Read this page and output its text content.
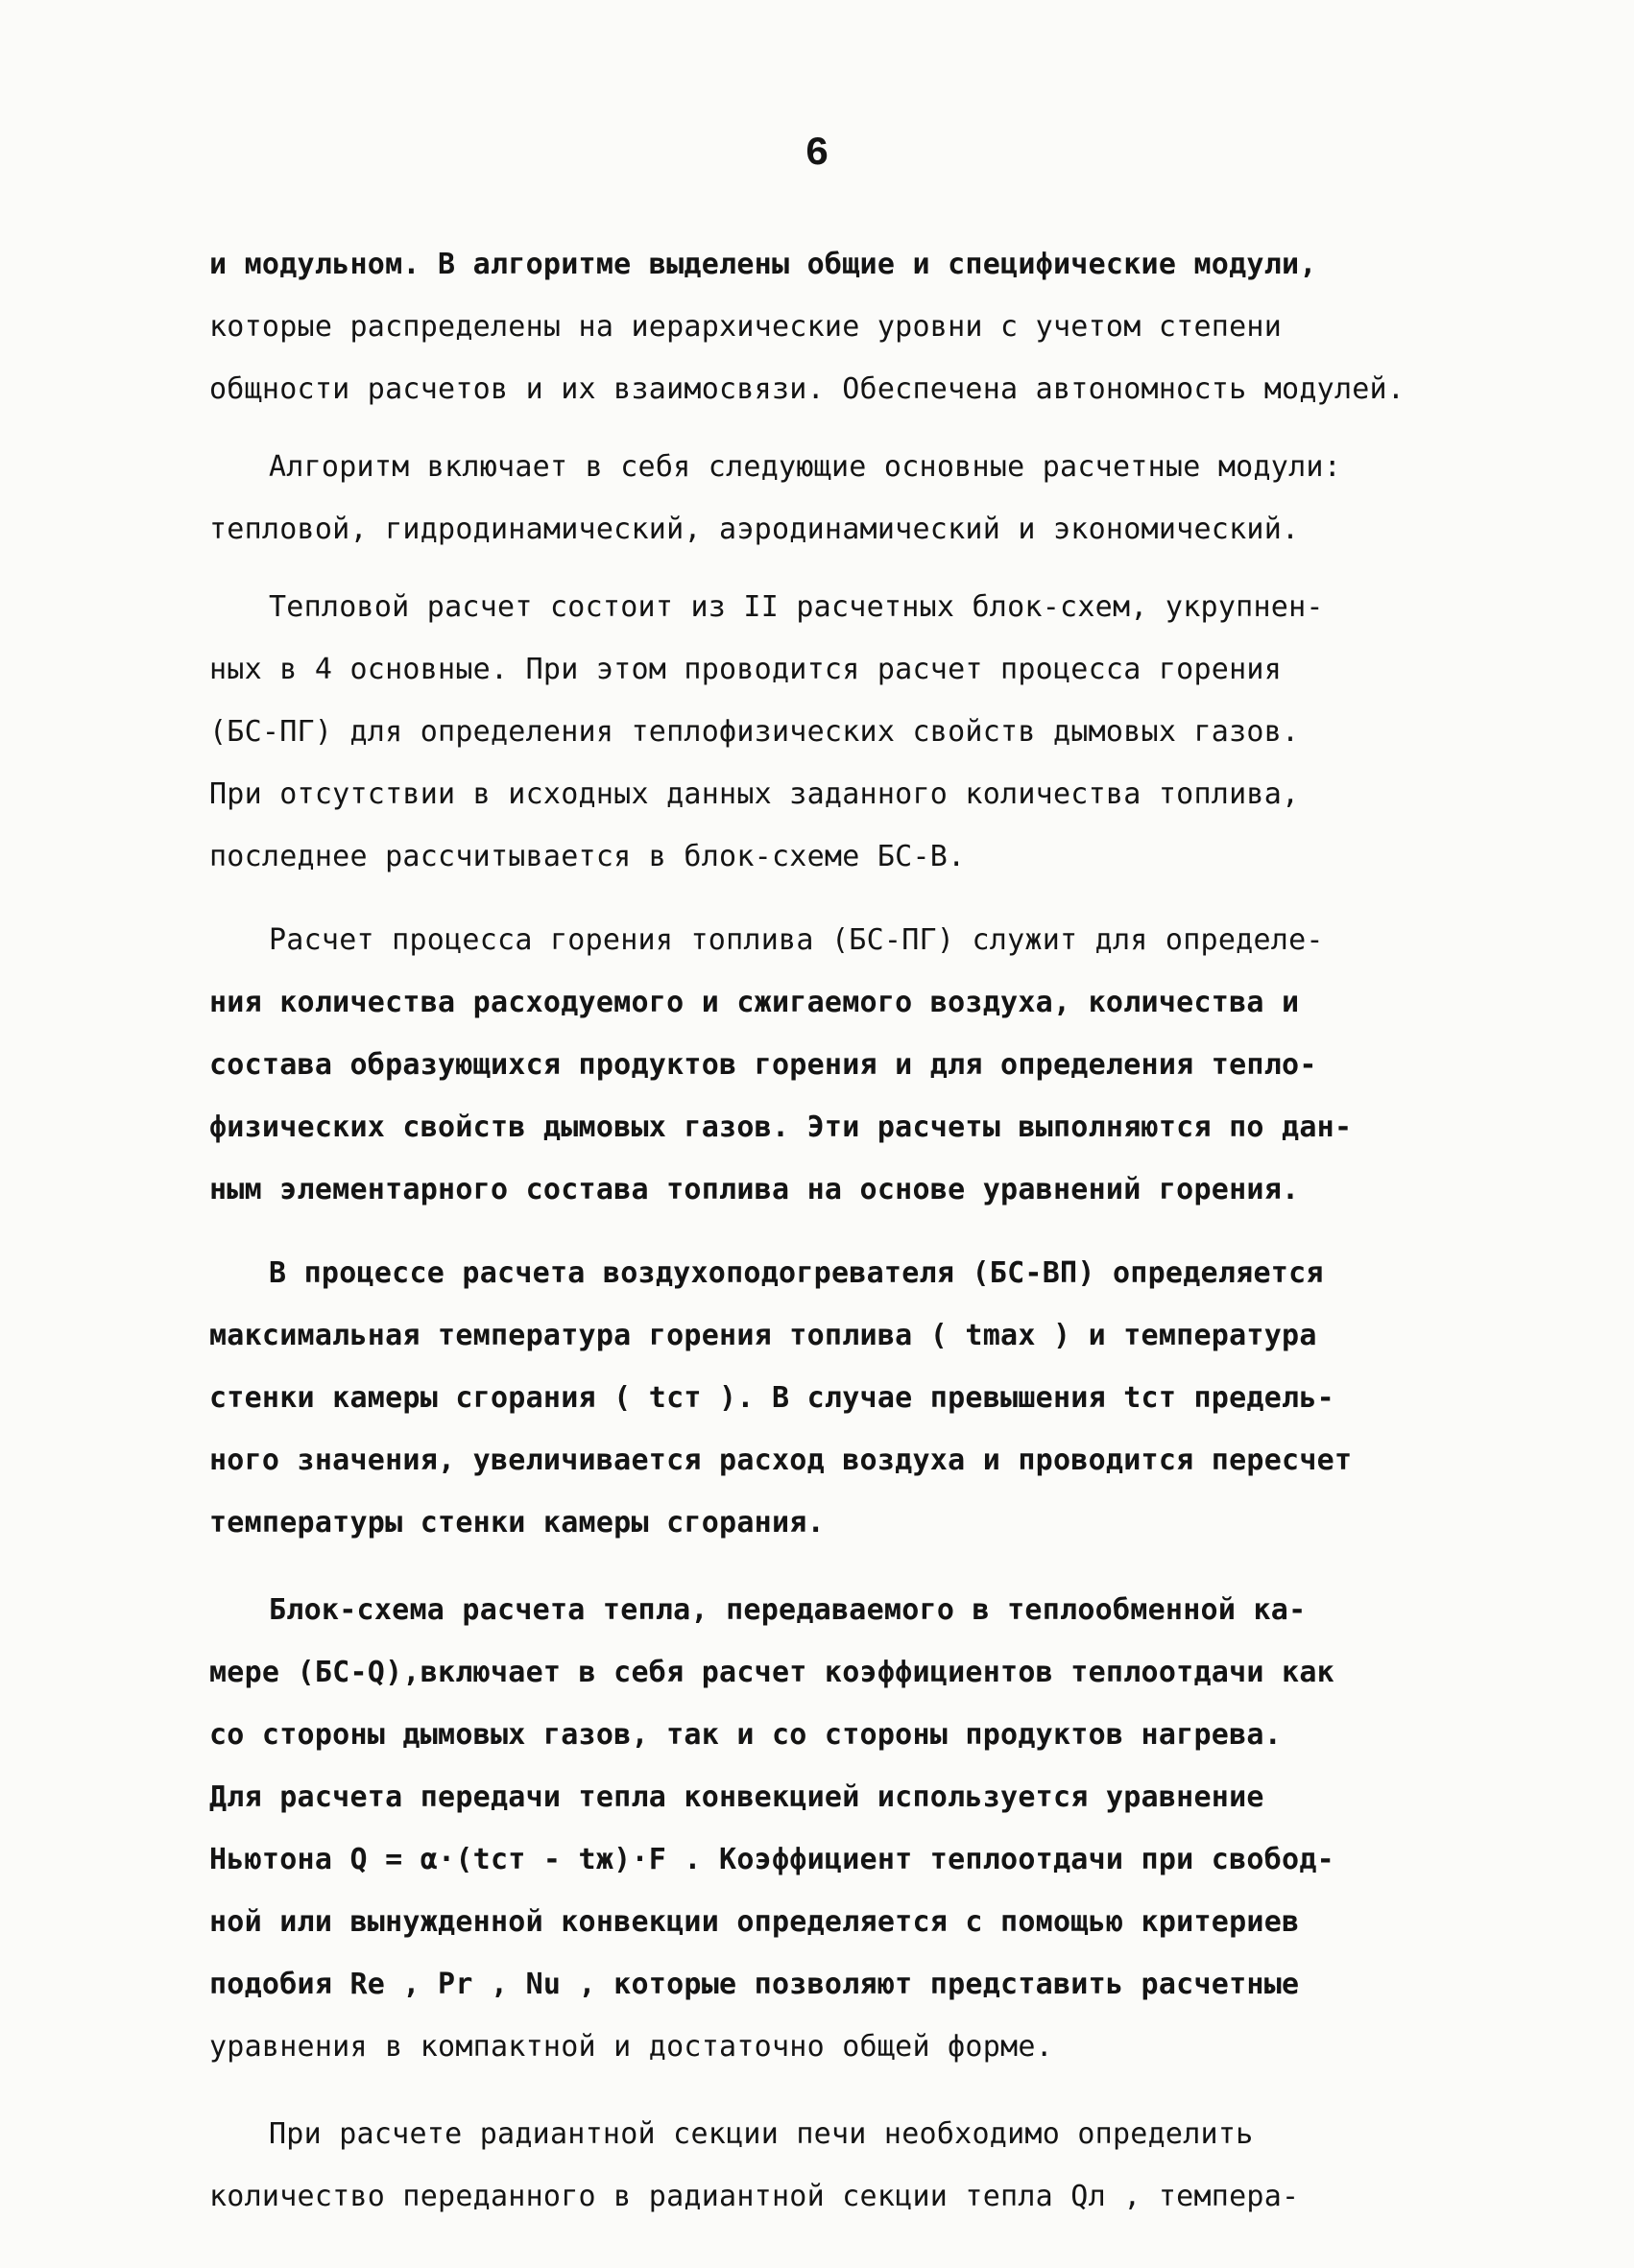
6
и модульном. В алгоритме выделены общие и специфические модули,
которые распределены на иерархические уровни с учетом степени
общности расчетов и их взаимосвязи. Обеспечена автономность модулей.
Алгоритм включает в себя следующие основные расчетные модули:
тепловой, гидродинамический, аэродинамический и экономический.
Тепловой расчет состоит из II расчетных блок-схем, укрупнен-
ных в 4 основные. При этом проводится расчет процесса горения
(БС-ПГ) для определения теплофизических свойств дымовых газов.
При отсутствии в исходных данных заданного количества топлива,
последнее рассчитывается в блок-схеме БС-В.
Расчет процесса горения топлива (БС-ПГ) служит для определе-
ния количества расходуемого и сжигаемого воздуха, количества и
состава образующихся продуктов горения и для определения тепло-
физических свойств дымовых газов. Эти расчеты выполняются по дан-
ным элементарного состава топлива на основе уравнений горения.
В процессе расчета воздухоподогревателя (БС-ВП) определяется
максимальная температура горения топлива ( tmax ) и температура
стенки камеры сгорания ( tст ). В случае превышения tст предель-
ного значения, увеличивается расход воздуха и проводится пересчет
температуры стенки камеры сгорания.
Блок-схема расчета тепла, передаваемого в теплообменной ка-
мере (БС-Q),включает в себя расчет коэффициентов теплоотдачи как
со стороны дымовых газов, так и со стороны продуктов нагрева.
Для расчета передачи тепла конвекцией используется уравнение
Ньютона Q = α·(tст - tж)·F . Коэффициент теплоотдачи при свобод-
ной или вынужденной конвекции определяется с помощью критериев
подобия Re , Pr , Nu , которые позволяют представить расчетные
уравнения в компактной и достаточно общей форме.
При расчете радиантной секции печи необходимо определить
количество переданного в радиантной секции тепла Qл , темпера-
